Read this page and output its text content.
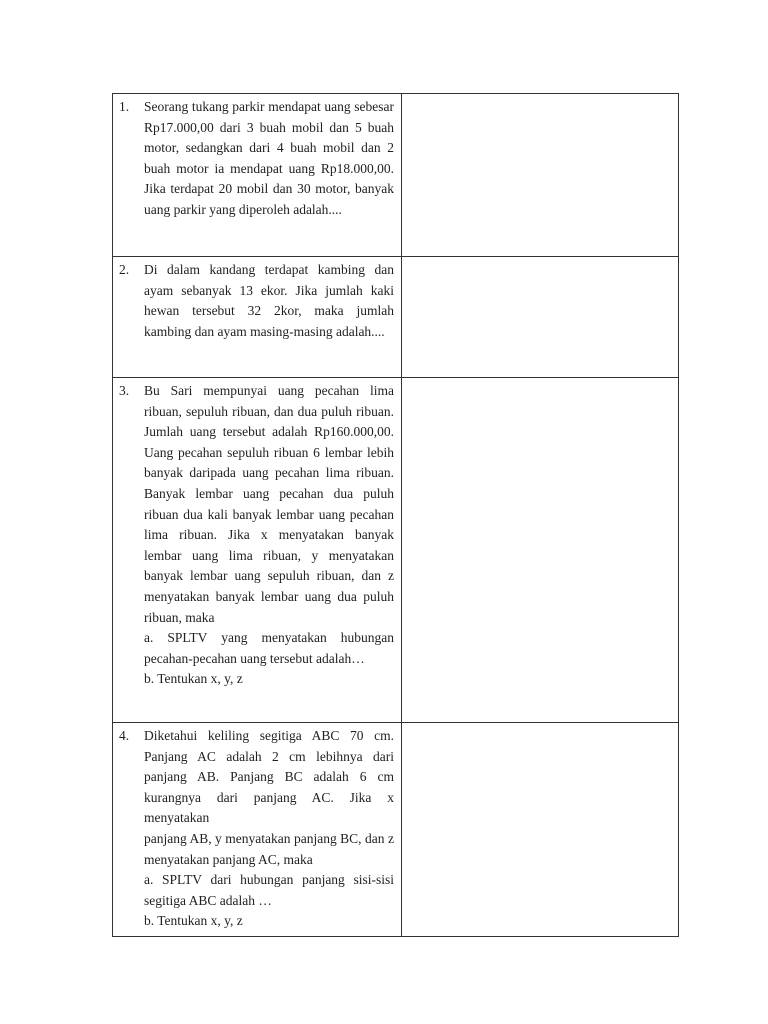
1. Seorang tukang parkir mendapat uang sebesar Rp17.000,00 dari 3 buah mobil dan 5 buah motor, sedangkan dari 4 buah mobil dan 2 buah motor ia mendapat uang Rp18.000,00. Jika terdapat 20 mobil dan 30 motor, banyak uang parkir yang diperoleh adalah....	

2. Di dalam kandang terdapat kambing dan ayam sebanyak 13 ekor. Jika jumlah kaki hewan tersebut 32 2kor, maka jumlah kambing dan ayam masing-masing adalah....	

3. Bu Sari mempunyai uang pecahan lima ribuan, sepuluh ribuan, dan dua puluh ribuan. Jumlah uang tersebut adalah Rp160.000,00. Uang pecahan sepuluh ribuan 6 lembar lebih banyak daripada uang pecahan lima ribuan. Banyak lembar uang pecahan dua puluh ribuan dua kali banyak lembar uang pecahan lima ribuan. Jika x menyatakan banyak lembar uang lima ribuan, y menyatakan banyak lembar uang sepuluh ribuan, dan z menyatakan banyak lembar uang dua puluh ribuan, maka

a. SPLTV yang menyatakan hubungan pecahan-pecahan uang tersebut adalah…

b. Tentukan x, y, z	

4. Diketahui keliling segitiga ABC 70 cm. Panjang AC adalah 2 cm lebihnya dari panjang AB. Panjang BC adalah 6 cm kurangnya dari panjang AC. Jika x menyatakan

panjang AB, y menyatakan panjang BC, dan z menyatakan panjang AC, maka

a. SPLTV dari hubungan panjang sisi-sisi segitiga ABC adalah …

b. Tentukan x, y, z	
